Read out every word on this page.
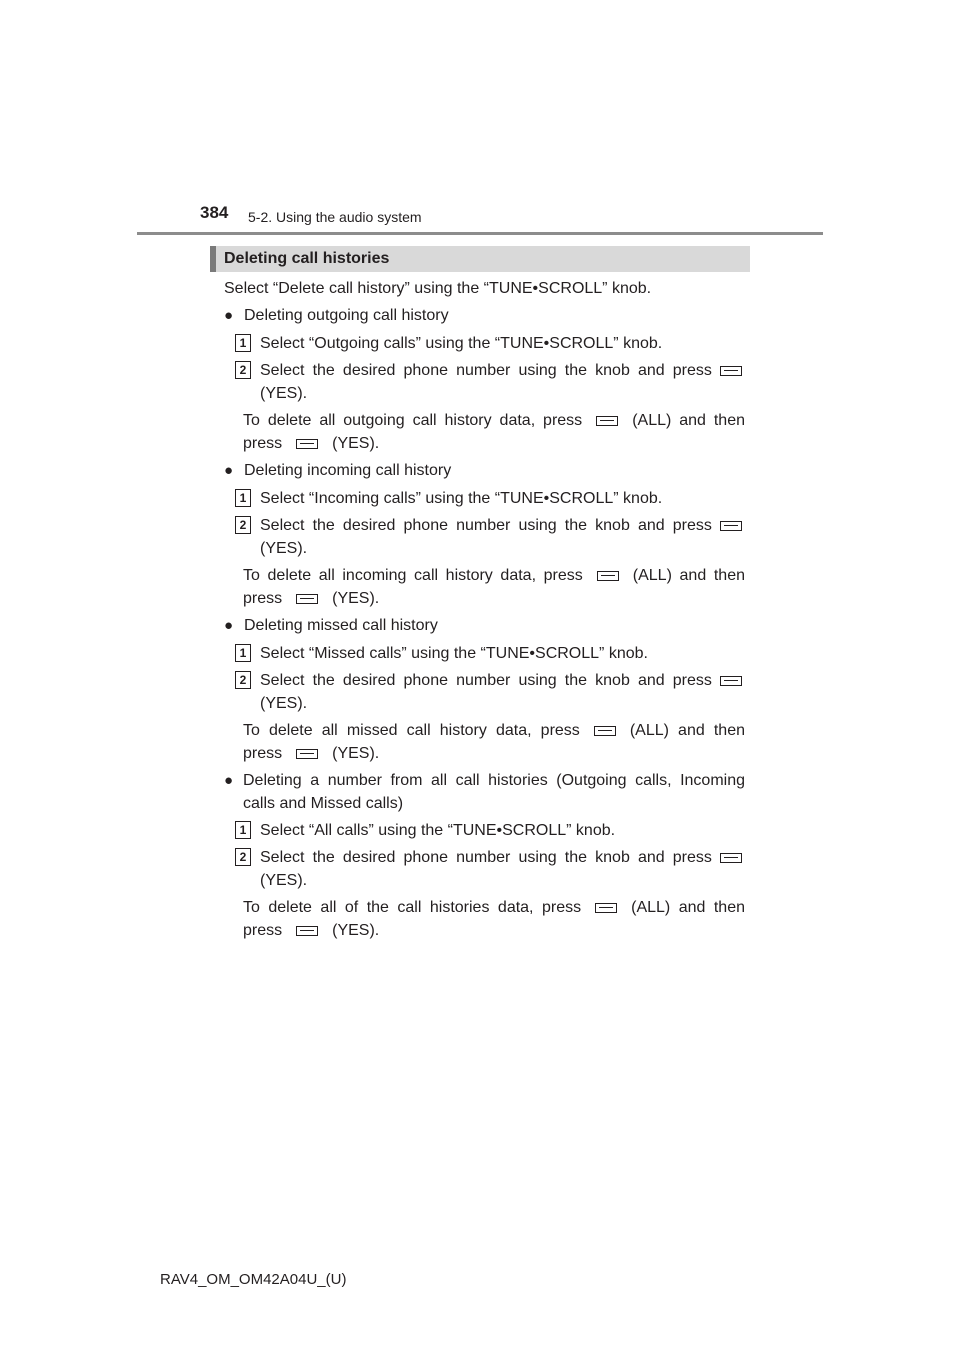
384 5-2. Using the audio system
Deleting call histories
Select “Delete call history” using the “TUNE•SCROLL” knob.
● Deleting outgoing call history
1 Select “Outgoing calls” using the “TUNE•SCROLL” knob.
2 Select the desired phone number using the knob and press
(YES).
To delete all outgoing call history data, press	(ALL) and then
press	(YES).
● Deleting incoming call history
1 Select “Incoming calls” using the “TUNE•SCROLL” knob.
2 Select the desired phone number using the knob and press
(YES).
To delete all incoming call history data, press	(ALL) and then
press	(YES).
● Deleting missed call history
1 Select “Missed calls” using the “TUNE•SCROLL” knob.
2 Select the desired phone number using the knob and press
(YES).
To delete all missed call history data, press	(ALL) and then
press	(YES).
● Deleting a number from all call histories (Outgoing calls, Incoming
calls and Missed calls)
1 Select “All calls” using the “TUNE•SCROLL” knob.
2 Select the desired phone number using the knob and press
(YES).
To delete all of the call histories data, press	(ALL) and then
press	(YES).
RAV4_OM_OM42A04U_(U)
